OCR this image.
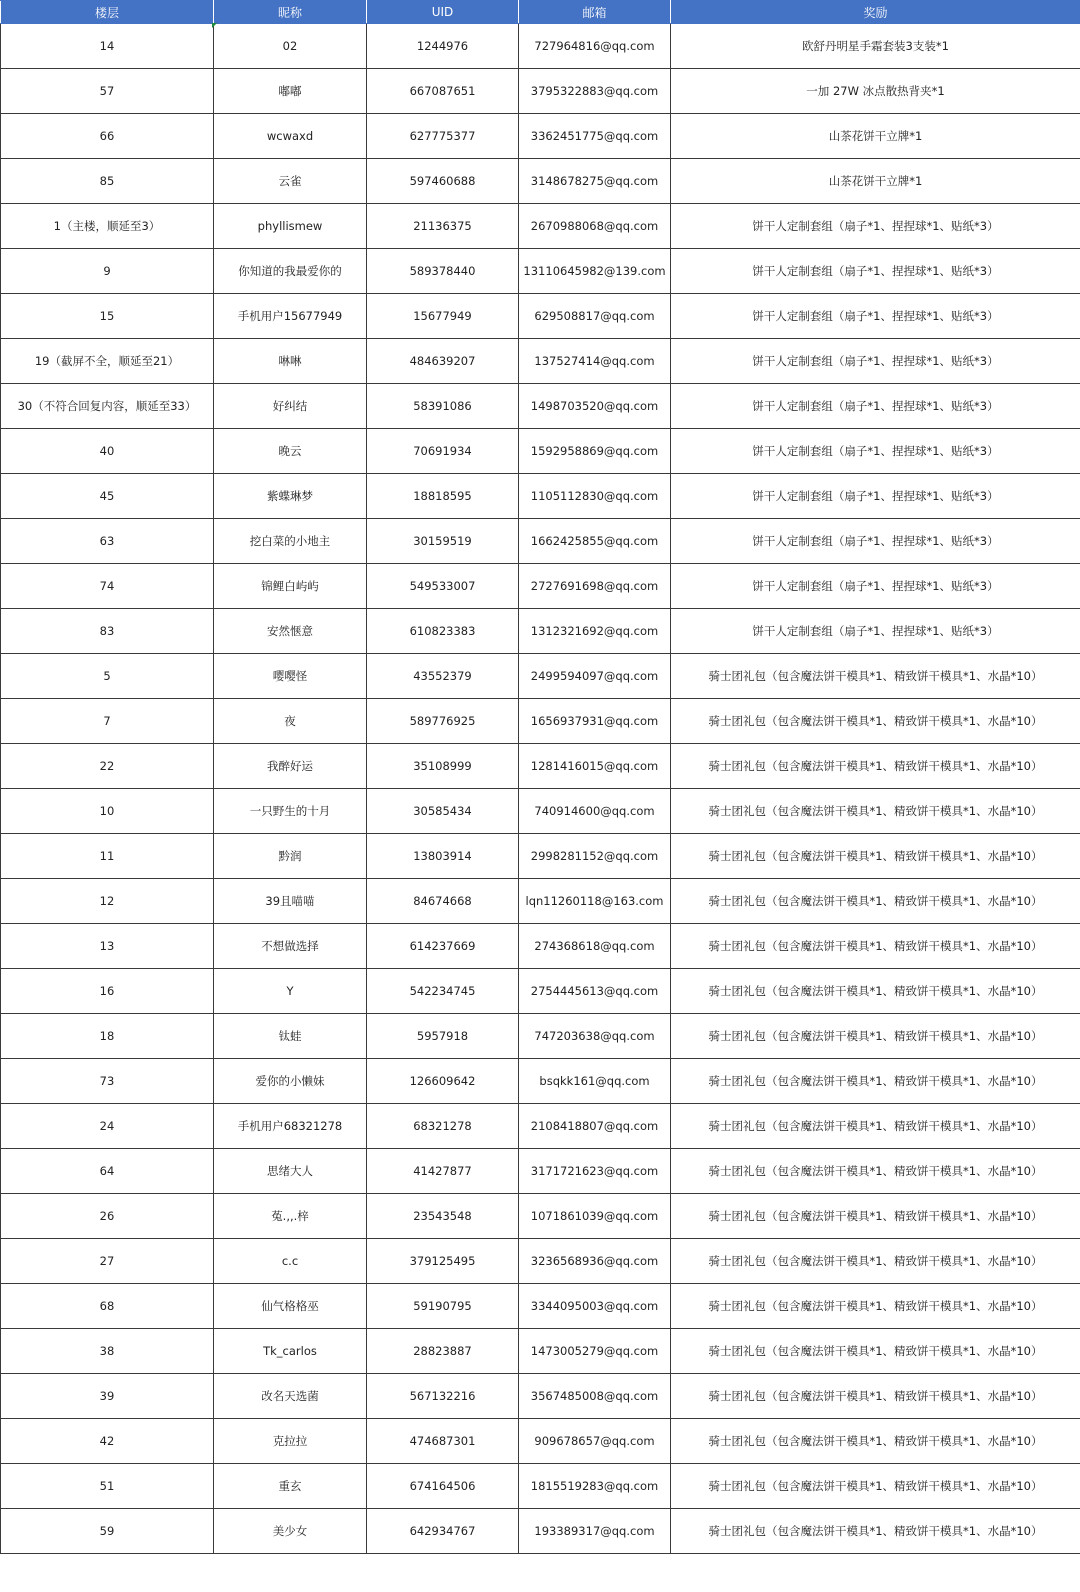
楼层	昵称	UID	邮箱	奖励
14	02	1244976	727964816@qq.com	欧舒丹明星手霜套装3支装*1
57	嘟嘟	667087651	3795322883@qq.com	一加 27W 冰点散热背夹*1
66	wcwaxd	627775377	3362451775@qq.com	山茶花饼干立牌*1
85	云雀	597460688	3148678275@qq.com	山茶花饼干立牌*1
1（主楼，顺延至3）	phyllismew	21136375	2670988068@qq.com	饼干人定制套组（扇子*1、捏捏球*1、贴纸*3）
9	你知道的我最爱你的	589378440	13110645982@139.com	饼干人定制套组（扇子*1、捏捏球*1、贴纸*3）
15	手机用户15677949	15677949	629508817@qq.com	饼干人定制套组（扇子*1、捏捏球*1、贴纸*3）
19（截屏不全，顺延至21）	啉啉	484639207	137527414@qq.com	饼干人定制套组（扇子*1、捏捏球*1、贴纸*3）
30（不符合回复内容，顺延至33）	好纠结	58391086	1498703520@qq.com	饼干人定制套组（扇子*1、捏捏球*1、贴纸*3）
40	晚云	70691934	1592958869@qq.com	饼干人定制套组（扇子*1、捏捏球*1、贴纸*3）
45	紫蝶琳梦	18818595	1105112830@qq.com	饼干人定制套组（扇子*1、捏捏球*1、贴纸*3）
63	挖白菜的小地主	30159519	1662425855@qq.com	饼干人定制套组（扇子*1、捏捏球*1、贴纸*3）
74	锦鲤白屿屿	549533007	2727691698@qq.com	饼干人定制套组（扇子*1、捏捏球*1、贴纸*3）
83	安然惬意	610823383	1312321692@qq.com	饼干人定制套组（扇子*1、捏捏球*1、贴纸*3）
5	嘤嘤怪	43552379	2499594097@qq.com	骑士团礼包（包含魔法饼干模具*1、精致饼干模具*1、水晶*10）
7	夜	589776925	1656937931@qq.com	骑士团礼包（包含魔法饼干模具*1、精致饼干模具*1、水晶*10）
22	我醉好运	35108999	1281416015@qq.com	骑士团礼包（包含魔法饼干模具*1、精致饼干模具*1、水晶*10）
10	一只野生的十月	30585434	740914600@qq.com	骑士团礼包（包含魔法饼干模具*1、精致饼干模具*1、水晶*10）
11	黔润	13803914	2998281152@qq.com	骑士团礼包（包含魔法饼干模具*1、精致饼干模具*1、水晶*10）
12	39且喵喵	84674668	lqn11260118@163.com	骑士团礼包（包含魔法饼干模具*1、精致饼干模具*1、水晶*10）
13	不想做选择	614237669	274368618@qq.com	骑士团礼包（包含魔法饼干模具*1、精致饼干模具*1、水晶*10）
16	Y	542234745	2754445613@qq.com	骑士团礼包（包含魔法饼干模具*1、精致饼干模具*1、水晶*10）
18	钛蛙	5957918	747203638@qq.com	骑士团礼包（包含魔法饼干模具*1、精致饼干模具*1、水晶*10）
73	爱你的小懒妹	126609642	bsqkk161@qq.com	骑士团礼包（包含魔法饼干模具*1、精致饼干模具*1、水晶*10）
24	手机用户68321278	68321278	2108418807@qq.com	骑士团礼包（包含魔法饼干模具*1、精致饼干模具*1、水晶*10）
64	思绪大人	41427877	3171721623@qq.com	骑士团礼包（包含魔法饼干模具*1、精致饼干模具*1、水晶*10）
26	菟.,,.梓	23543548	1071861039@qq.com	骑士团礼包（包含魔法饼干模具*1、精致饼干模具*1、水晶*10）
27	c.c	379125495	3236568936@qq.com	骑士团礼包（包含魔法饼干模具*1、精致饼干模具*1、水晶*10）
68	仙气格格巫	59190795	3344095003@qq.com	骑士团礼包（包含魔法饼干模具*1、精致饼干模具*1、水晶*10）
38	Tk_carlos	28823887	1473005279@qq.com	骑士团礼包（包含魔法饼干模具*1、精致饼干模具*1、水晶*10）
39	改名天选菌	567132216	3567485008@qq.com	骑士团礼包（包含魔法饼干模具*1、精致饼干模具*1、水晶*10）
42	克拉拉	474687301	909678657@qq.com	骑士团礼包（包含魔法饼干模具*1、精致饼干模具*1、水晶*10）
51	重玄	674164506	1815519283@qq.com	骑士团礼包（包含魔法饼干模具*1、精致饼干模具*1、水晶*10）
59	美少女	642934767	193389317@qq.com	骑士团礼包（包含魔法饼干模具*1、精致饼干模具*1、水晶*10）
